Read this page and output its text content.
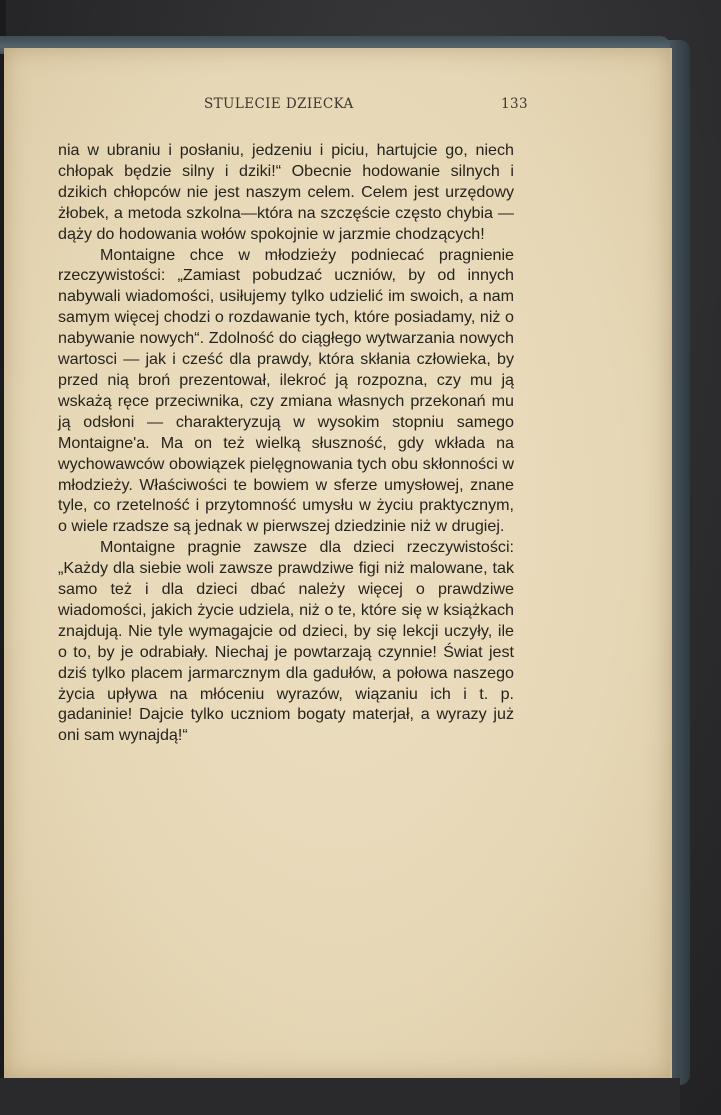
STULECIE DZIECKA	133

nia w ubraniu i posłaniu, jedzeniu i piciu, hartujcie go, niech chłopak będzie silny i dziki!“ Obecnie hodowanie silnych i dzikich chłopców nie jest naszym celem. Celem jest urzędowy żłobek, a metoda szkolna—która na szczęście często chybia — dąży do hodowania wołów spokojnie w jarzmie chodzących!

Montaigne chce w młodzieży podniecać pragnienie rzeczywistości: „Zamiast pobudzać uczniów, by od innych nabywali wiadomości, usiłujemy tylko udzielić im swoich, a nam samym więcej chodzi o rozdawanie tych, które posiadamy, niż o nabywanie nowych“. Zdolność do ciągłego wytwarzania nowych wartosci — jak i cześć dla prawdy, która skłania człowieka, by przed nią broń prezentował, ilekroć ją rozpozna, czy mu ją wskażą ręce przeciwnika, czy zmiana własnych przekonań mu ją odsłoni — charakteryzują w wysokim stopniu samego Montaigne'a. Ma on też wielką słuszność, gdy wkłada na wychowawców obowiązek pielęgnowania tych obu skłonności w młodzieży. Właściwości te bowiem w sferze umysłowej, znane tyle, co rzetelność i przytomność umysłu w życiu praktycznym, o wiele rzadsze są jednak w pierwszej dziedzinie niż w drugiej.

Montaigne pragnie zawsze dla dzieci rzeczywistości: „Każdy dla siebie woli zawsze prawdziwe figi niż malowane, tak samo też i dla dzieci dbać należy więcej o prawdziwe wiadomości, jakich życie udziela, niż o te, które się w książkach znajdują. Nie tyle wymagajcie od dzieci, by się lekcji uczyły, ile o to, by je odrabiały. Niechaj je powtarzają czynnie! Świat jest dziś tylko placem jarmarcznym dla gadułów, a połowa naszego życia upływa na młóceniu wyrazów, wiązaniu ich i t. p. gadaninie! Dajcie tylko uczniom bogaty materjał, a wyrazy już oni sam wynajdą!“
